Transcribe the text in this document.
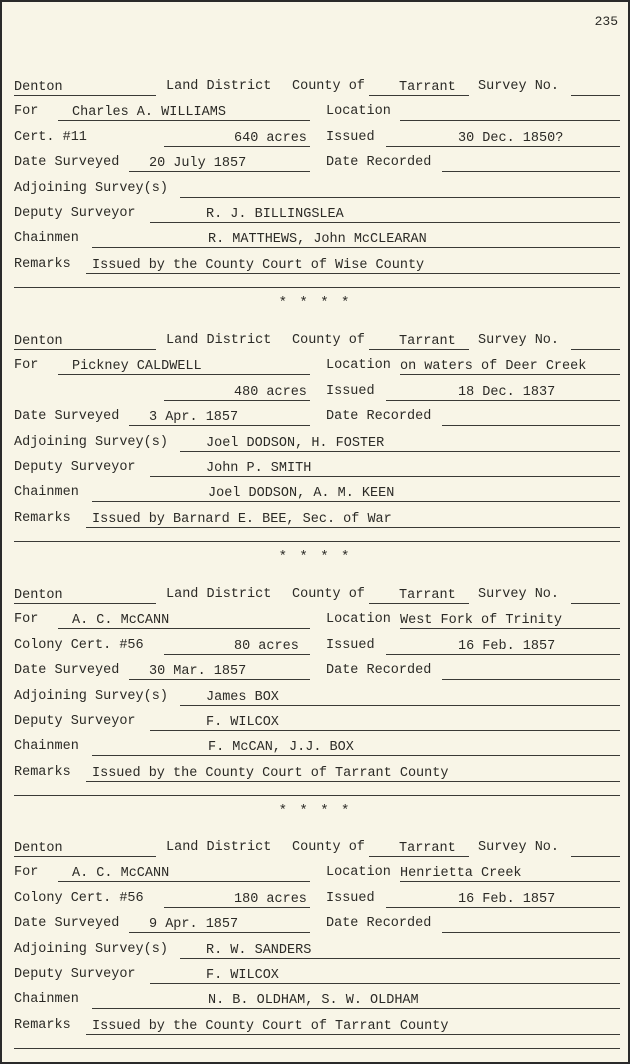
235
Denton	Land District County of	Tarrant Survey No.
For Charles A. WILLIAMS	Location
Cert. #11	640 acres Issued	30 Dec. 1850?
Date Surveyed 20 July 1857	Date Recorded
Adjoining Survey(s)
Deputy Surveyor	R. J. BILLINGSLEA
Chainmen	R. MATTHEWS, John McCLEARAN
Remarks Issued by the County Court of Wise County
* * * *
Denton	Land District County of	Tarrant Survey No.
For Pickney CALDWELL	Location on waters of Deer Creek
480 acres Issued	18 Dec. 1837
Date Surveyed 3 Apr. 1857	Date Recorded
Adjoining Survey(s)	Joel DODSON, H. FOSTER
Deputy Surveyor	John P. SMITH
Chainmen	Joel DODSON, A. M. KEEN
Remarks Issued by Barnard E. BEE, Sec. of War
* * * *
Denton	Land District County of	Tarrant Survey No.
For A. C. McCANN	Location West Fork of Trinity
Colony Cert. #56	80 acres Issued	16 Feb. 1857
Date Surveyed 30 Mar. 1857	Date Recorded
Adjoining Survey(s)	James BOX
Deputy Surveyor	F. WILCOX
Chainmen	F. McCAN, J.J. BOX
Remarks Issued by the County Court of Tarrant County
* * * *
Denton	Land District County of	Tarrant Survey No.
For A. C. McCANN	Location Henrietta Creek
Colony Cert. #56	180 acres Issued	16 Feb. 1857
Date Surveyed 9 Apr. 1857	Date Recorded
Adjoining Survey(s)	R. W. SANDERS
Deputy Surveyor	F. WILCOX
Chainmen	N. B. OLDHAM, S. W. OLDHAM
Remarks Issued by the County Court of Tarrant County
